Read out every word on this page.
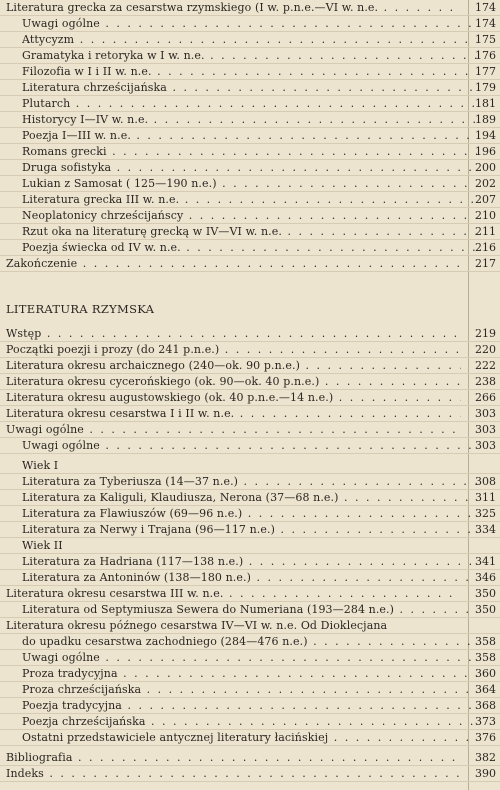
Literatura grecka za cesarstwa rzymskiego (I w. p.n.e.—VI w. n.e. . . .	174
Uwagi ogólne . . .	174
Attycyzm . . .	175
Gramatyka i retoryka w I w. n.e. . . .	176
Filozofia w I i II w. n.e. . . .	177
Literatura chrześcijańska . . .	179
Plutarch . . .	181
Historycy I—IV w. n.e. . . .	189
Poezja I—III w. n.e. . . .	194
Romans grecki . . .	196
Druga sofistyka . . .	200
Lukian z Samosat ( 125—190 n.e.) . . .	202
Literatura grecka III w. n.e. . . .	207
Neoplatonicy chrześcijańscy . . .	210
Rzut oka na literaturę grecką w IV—VI w. n.e. . . .	211
Poezja świecka od IV w. n.e. . . .	216
Zakończenie . . .	217
LITERATURA RZYMSKA
Wstęp . . .	219
Początki poezji i prozy (do 241 p.n.e.) . . .	220
Literatura okresu archaicznego (240—ok. 90 p.n.e.) . . .	222
Literatura okresu cycerońskiego (ok. 90—ok. 40 p.n.e.) . . .	238
Literatura okresu augustowskiego (ok. 40 p.n.e.—14 n.e.) . . .	266
Literatura okresu cesarstwa I i II w. n.e. . . .	303
Uwagi ogólne . . .	303
Uwagi ogólne . . .	303
Wiek I
Literatura za Tyberiusza (14—37 n.e.) . . .	308
Literatura za Kaliguli, Klaudiusza, Nerona (37—68 n.e.) . . .	311
Literatura za Flawiuszów (69—96 n.e.) . . .	325
Literatura za Nerwy i Trajana (96—117 n.e.) . . .	334
Wiek II
Literatura za Hadriana (117—138 n.e.) . . .	341
Literatura za Antoninów (138—180 n.e.) . . .	346
Literatura okresu cesarstwa III w. n.e. . . .	350
Literatura od Septymiusza Sewera do Numeriana (193—284 n.e.) . . .	350
Literatura okresu późnego cesarstwa IV—VI w. n.e. Od Dioklecjana
do upadku cesarstwa zachodniego (284—476 n.e.) . . .	358
Uwagi ogólne . . .	358
Proza tradycyjna . . .	360
Proza chrześcijańska . . .	364
Poezja tradycyjna . . .	368
Poezja chrześcijańska . . .	373
Ostatni przedstawiciele antycznej literatury łacińskiej . . .	376
Bibliografia . . .	382
Indeks . . .	390
